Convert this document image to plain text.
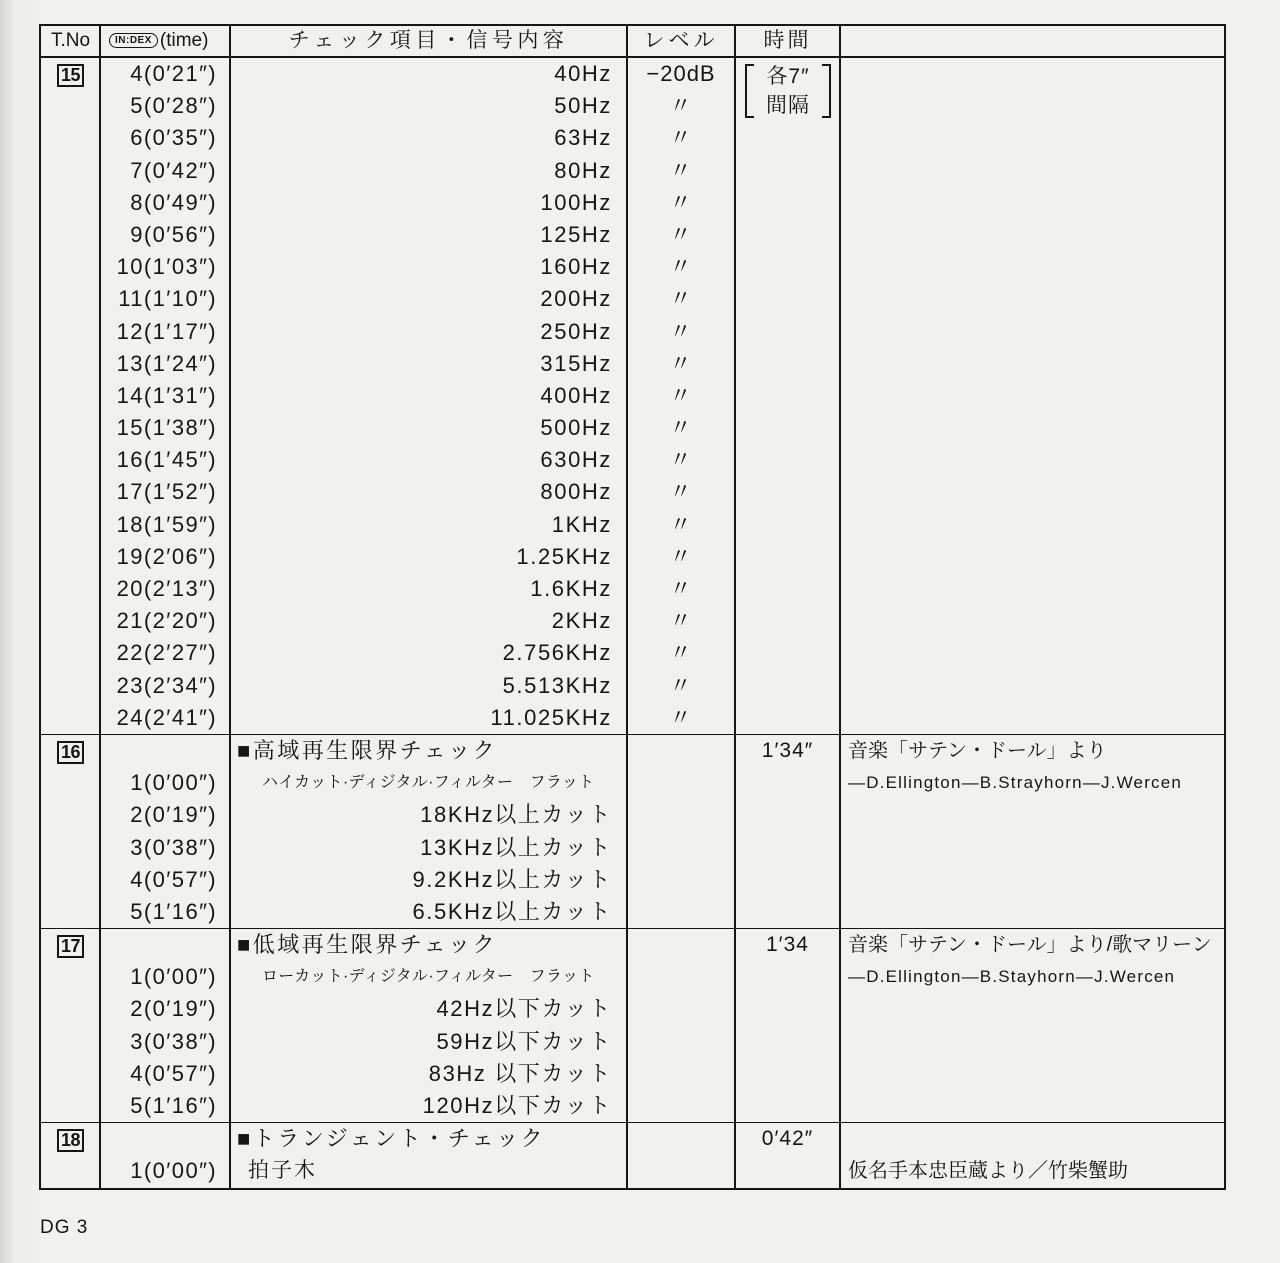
T.No	IN:DEX (time)	チェック項目・信号内容	レベル	時間
15	4(0′21″)	40Hz	−20dB	各7″
間隔
5(0′28″)	50Hz	〃
6(0′35″)	63Hz	〃
7(0′42″)	80Hz	〃
8(0′49″)	100Hz	〃
9(0′56″)	125Hz	〃
10(1′03″)	160Hz	〃
11(1′10″)	200Hz	〃
12(1′17″)	250Hz	〃
13(1′24″)	315Hz	〃
14(1′31″)	400Hz	〃
15(1′38″)	500Hz	〃
16(1′45″)	630Hz	〃
17(1′52″)	800Hz	〃
18(1′59″)	1KHz	〃
19(2′06″)	1.25KHz	〃
20(2′13″)	1.6KHz	〃
21(2′20″)	2KHz	〃
22(2′27″)	2.756KHz	〃
23(2′34″)	5.513KHz	〃
24(2′41″)	11.025KHz	〃
16	■高域再生限界チェック	1′34″	音楽「サテン・ドール」より
1(0′00″)	ハイカット·ディジタル·フィルター　フラット	—D.Ellington—B.Strayhorn—J.Wercen
2(0′19″)	18KHz以上カット
3(0′38″)	13KHz以上カット
4(0′57″)	9.2KHz以上カット
5(1′16″)	6.5KHz以上カット
17	■低域再生限界チェック	1′34	音楽「サテン・ドール」より/歌マリーン
1(0′00″)	ローカット·ディジタル·フィルター　フラット	—D.Ellington—B.Stayhorn—J.Wercen
2(0′19″)	42Hz以下カット
3(0′38″)	59Hz以下カット
4(0′57″)	83Hz 以下カット
5(1′16″)	120Hz以下カット
18	■トランジェント・チェック	0′42″
1(0′00″)	拍子木	仮名手本忠臣蔵より／竹柴蟹助
DG 3
